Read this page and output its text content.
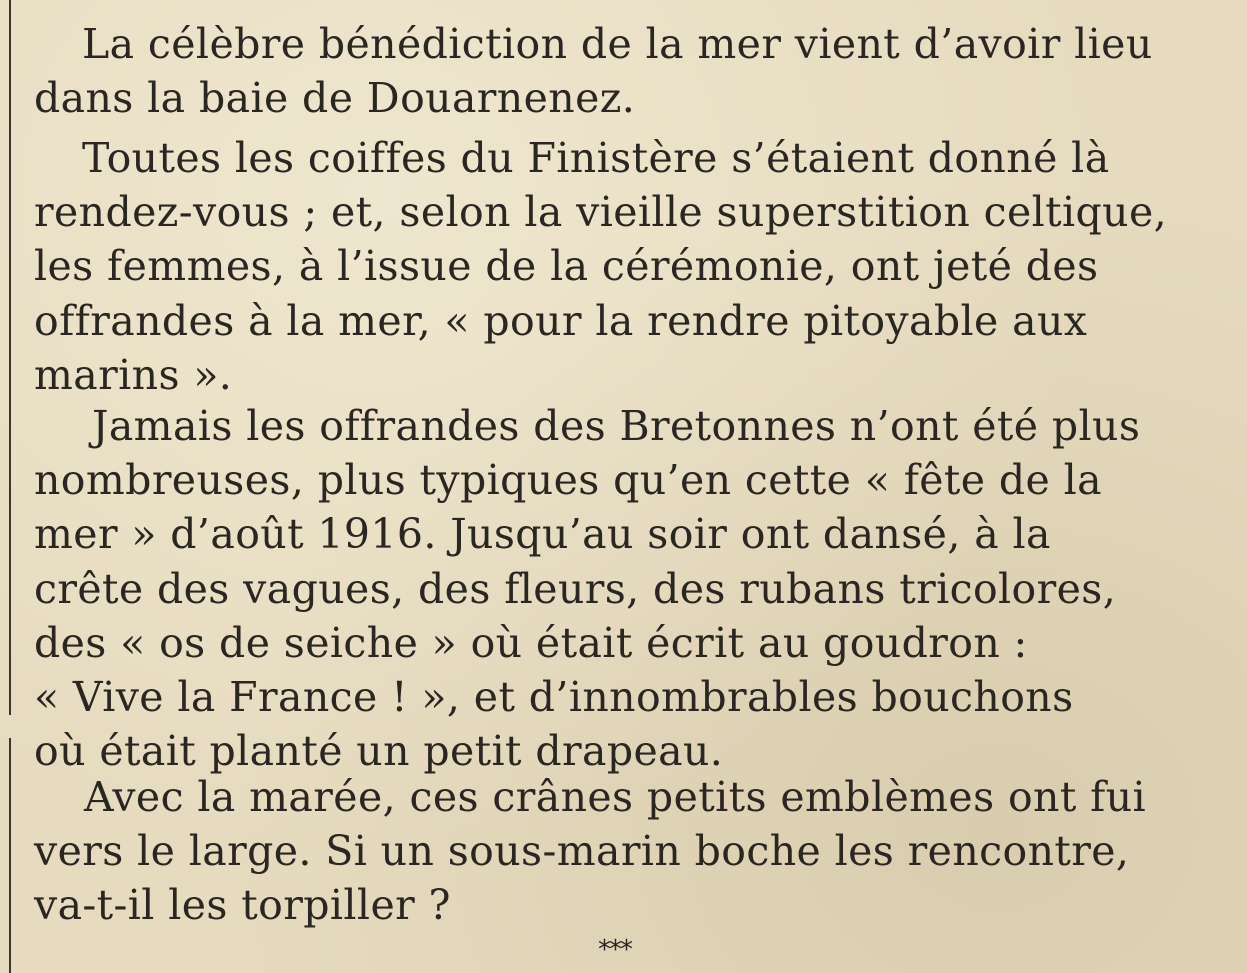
La célèbre bénédiction de la mer vient d’avoir lieu
dans la baie de Douarnenez.

Toutes les coiffes du Finistère s’étaient donné là
rendez-vous ; et, selon la vieille superstition celtique,
les femmes, à l’issue de la cérémonie, ont jeté des
offrandes à la mer, « pour la rendre pitoyable aux
marins ».

Jamais les offrandes des Bretonnes n’ont été plus
nombreuses, plus typiques qu’en cette « fête de la
mer » d’août 1916. Jusqu’au soir ont dansé, à la
crête des vagues, des fleurs, des rubans tricolores,
des « os de seiche » où était écrit au goudron :
« Vive la France ! », et d’innombrables bouchons
où était planté un petit drapeau.

Avec la marée, ces crânes petits emblèmes ont fui
vers le large. Si un sous-marin boche les rencontre,
va-t-il les torpiller ?

***
